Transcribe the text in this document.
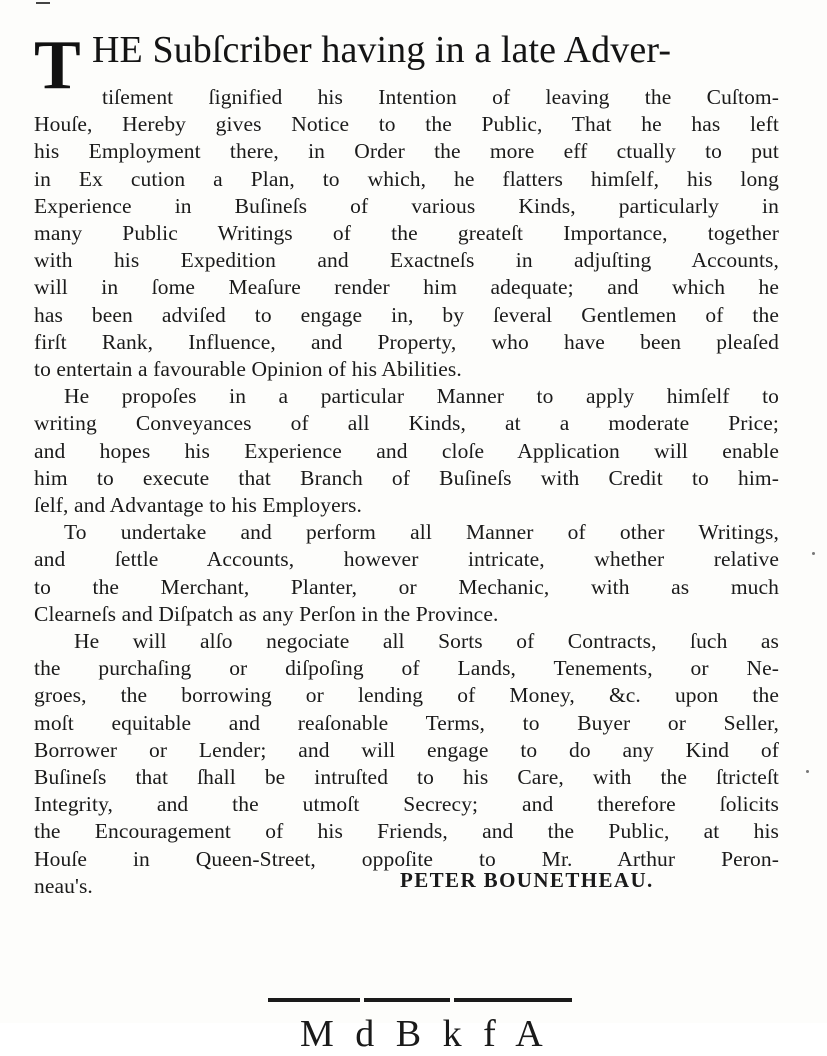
T HE Subſcriber having in a late Adver-
tiſement ſignified his Intention of leaving the Cuſtom-
Houſe, Hereby gives Notice to the Public, That he has left
his Employment there, in Order the more eff ctually to put
in Ex cution a Plan, to which, he flatters himſelf, his long
Experience in Buſineſs of various Kinds, particularly in
many Public Writings of the greateſt Importance, together
with his Expedition and Exactneſs in adjuſting Accounts,
will in ſome Meaſure render him adequate; and which he
has been adviſed to engage in, by ſeveral Gentlemen of the
firſt Rank, Influence, and Property, who have been pleaſed
to entertain a favourable Opinion of his Abilities.
He propoſes in a particular Manner to apply himſelf to
writing Conveyances of all Kinds, at a moderate Price;
and hopes his Experience and cloſe Application will enable
him to execute that Branch of Buſineſs with Credit to him-
ſelf, and Advantage to his Employers.
To undertake and perform all Manner of other Writings,
and ſettle Accounts, however intricate, whether relative
to the Merchant, Planter, or Mechanic, with as much
Clearneſs and Diſpatch as any Perſon in the Province.
He will alſo negociate all Sorts of Contracts, ſuch as
the purchaſing or diſpoſing of Lands, Tenements, or Ne-
groes, the borrowing or lending of Money, &c. upon the
moſt equitable and reaſonable Terms, to Buyer or Seller,
Borrower or Lender; and will engage to do any Kind of
Buſineſs that ſhall be intruſted to his Care, with the ſtricteſt
Integrity, and the utmoſt Secrecy; and therefore ſolicits
the Encouragement of his Friends, and the Public, at his
Houſe in Queen-Street, oppoſite to Mr. Arthur Peron-
neau's.	PETER BOUNETHEAU.
M d B k f A
